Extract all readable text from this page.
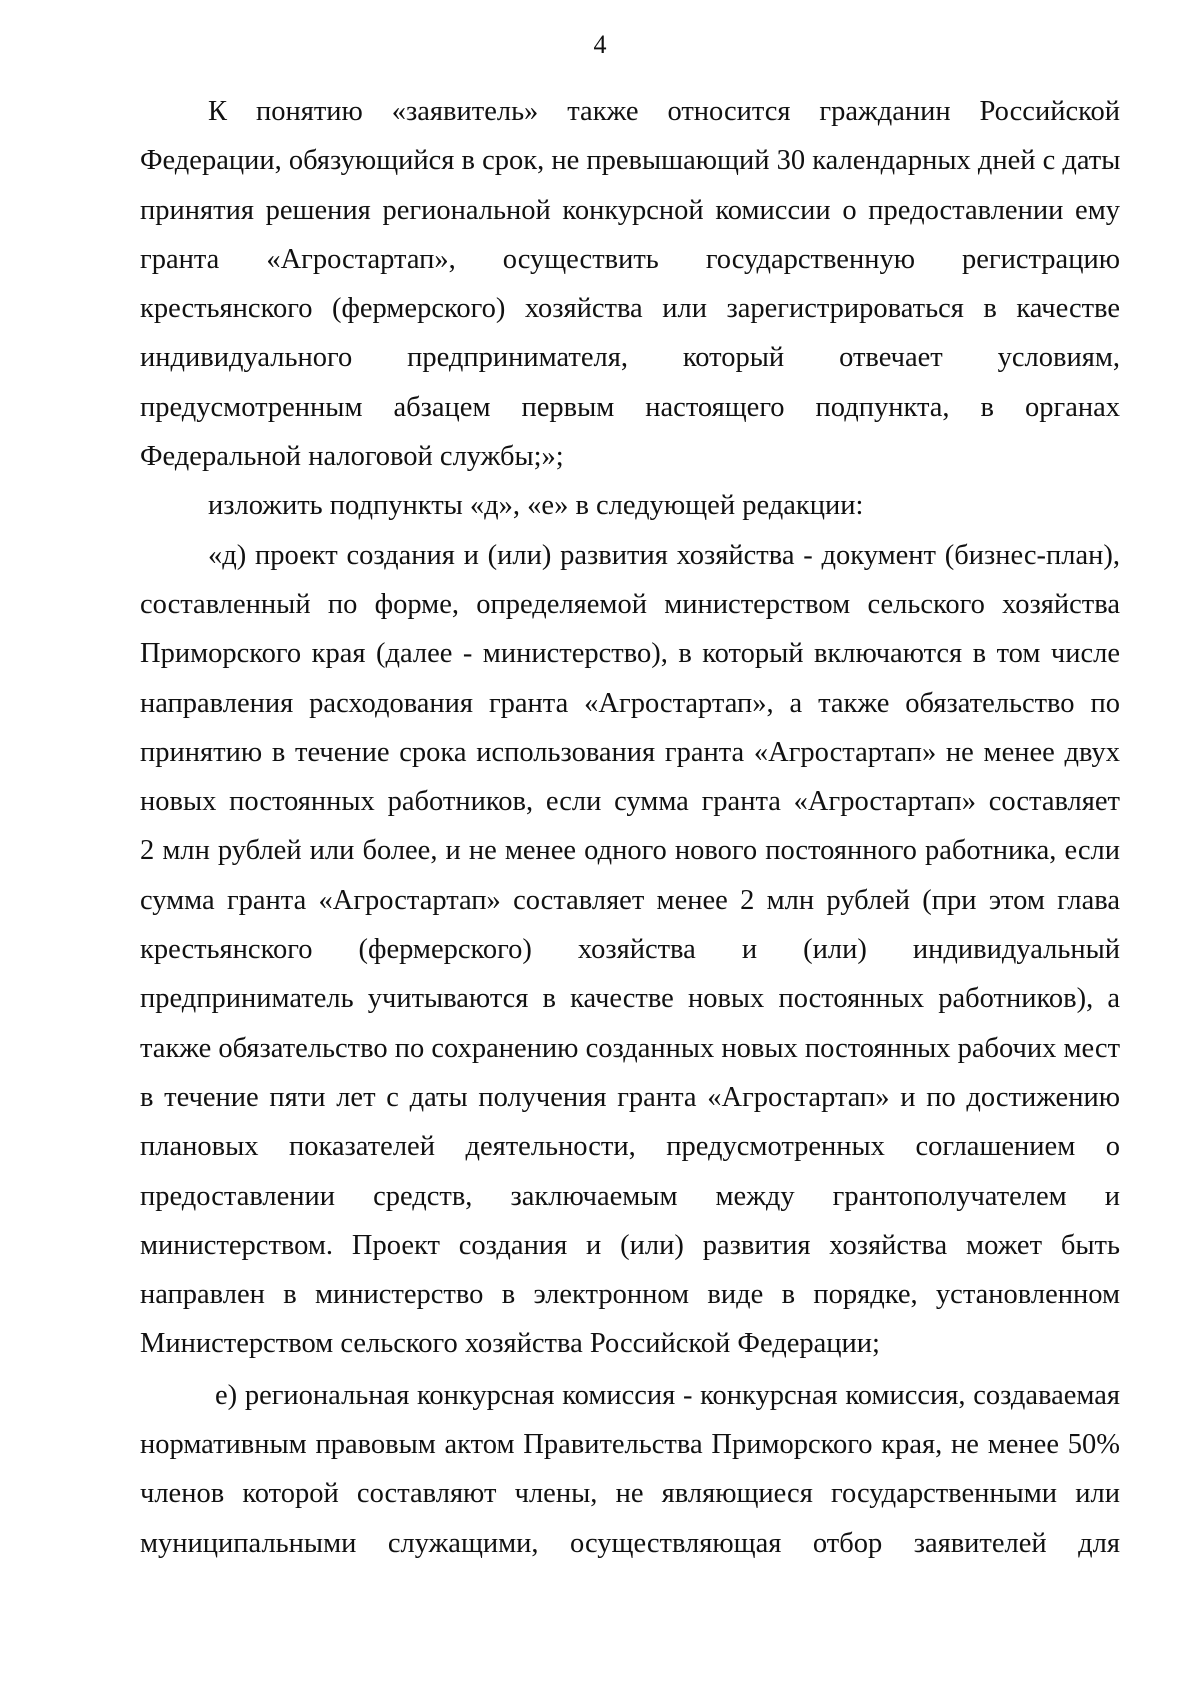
4

К понятию «заявитель» также относится гражданин Российской
Федерации, обязующийся в срок, не превышающий 30 календарных дней с даты
принятия решения региональной конкурсной комиссии о предоставлении ему
гранта «Агростартап», осуществить государственную регистрацию
крестьянского (фермерского) хозяйства или зарегистрироваться в качестве
индивидуального предпринимателя, который отвечает условиям,
предусмотренным абзацем первым настоящего подпункта, в органах
Федеральной налоговой службы;»;

изложить подпункты «д», «е» в следующей редакции:

«д) проект создания и (или) развития хозяйства - документ (бизнес-план),
составленный по форме, определяемой министерством сельского хозяйства
Приморского края (далее - министерство), в который включаются в том числе
направления расходования гранта «Агростартап», а также обязательство по
принятию в течение срока использования гранта «Агростартап» не менее двух
новых постоянных работников, если сумма гранта «Агростартап» составляет
2 млн рублей или более, и не менее одного нового постоянного работника, если
сумма гранта «Агростартап» составляет менее 2 млн рублей (при этом глава
крестьянского (фермерского) хозяйства и (или) индивидуальный
предприниматель учитываются в качестве новых постоянных работников), а
также обязательство по сохранению созданных новых постоянных рабочих мест
в течение пяти лет с даты получения гранта «Агростартап» и по достижению
плановых показателей деятельности, предусмотренных соглашением о
предоставлении средств, заключаемым между грантополучателем и
министерством. Проект создания и (или) развития хозяйства может быть
направлен в министерство в электронном виде в порядке, установленном
Министерством сельского хозяйства Российской Федерации;

е) региональная конкурсная комиссия - конкурсная комиссия, создаваемая
нормативным правовым актом Правительства Приморского края, не менее 50%
членов которой составляют члены, не являющиеся государственными или
муниципальными служащими, осуществляющая отбор заявителей для
